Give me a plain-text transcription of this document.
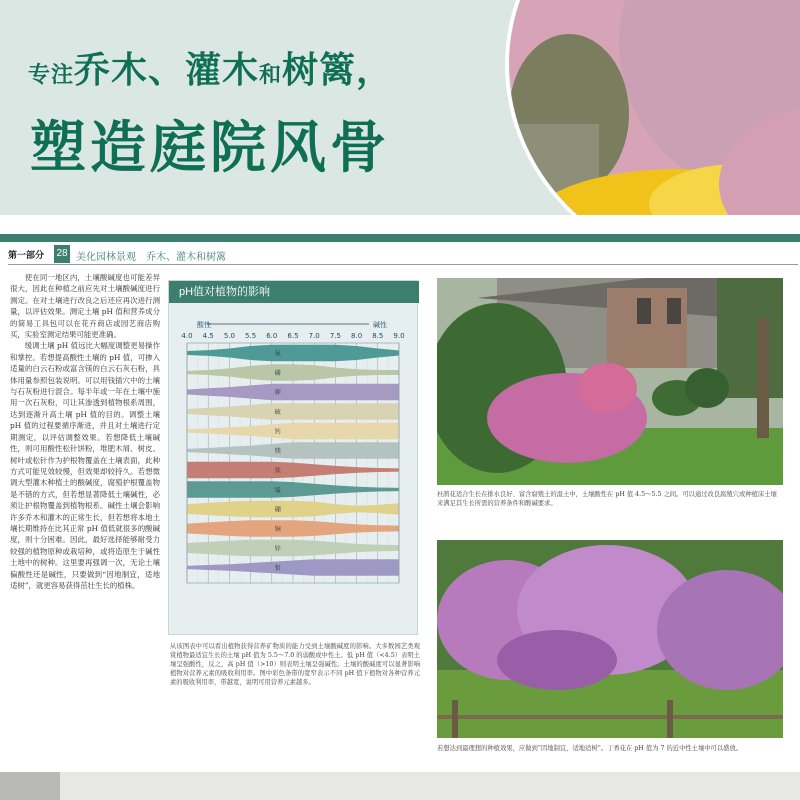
专注乔木、灌木和树篱，
塑造庭院风骨
第一部分 28 美化园林景观　乔木、灌木和树篱

使在同一地区内，土壤酸碱度也可能差异很大，因此在种植之前应先对土壤酸碱度进行测定。在对土壤进行改良之后还应再次进行测量，以评估效果。测定土壤 pH 值和营养成分的简易工具包可以在花卉商店或园艺商店购买，实验室测定结果可能更准确。

缓调土壤 pH 值远比大幅度调整更易操作和掌控。若想提高酸性土壤的 pH 值，可掺入适量的白云石粉或富含镁的白云石灰石粉，具体用量参照包装说明。可以用钱插穴中的土壤与石灰粉进行混合。每半年或一年在土壤中施用一次石灰粉，可让其渗透到植物根系周围，达到逐渐升高土壤 pH 值的目的。调整土壤 pH 值的过程要循序渐进，并且对土壤进行定期测定，以评估调整效果。若想降低土壤碱性，则可用酸性松针饼粉，堆肥木屑、树皮、树叶或松针作为护根物覆盖在土壤表面，此种方式可能见效较慢，但效果却较持久。若想微调大型灌木种植土的酸碱度，腐殖护根覆盖物是不错的方式，但若想显著降低土壤碱性，必须让护根物覆盖到植物根系。碱性土壤会影响许多乔木和灌木的正常生长，但若想将本地土壤长期维持在比其正常 pH 值低就很多的酸碱度，则十分困难。因此，最好选择能够耐受力较强的植物原种或栽培种，或将造原生于碱性土地中的树种。这里要再强调一次，无论土壤偏酸性还是碱性，只要做到“因地制宜，适地适树”，就更容易获得茁壮生长的植株。

pH值对植物的影响
酸性	碱性
4.0 4.5 5.0 5.5 6.0 6.5 7.0 7.5 8.0 8.5 9.0
氮
磷
钾
硫
钙
镁
铁
锰
硼
铜
锌
钼
从该图表中可以看出植物获得营养矿物质的能力受到土壤酸碱度的影响。大多数园艺类观赏植物最适宜生长的土壤 pH 值为 5.5～7.0 的弱酸或中性土。低 pH 值（<4.5）表明土壤呈强酸性，反之，高 pH 值（>10）则表明土壤呈强碱性。土壤的酸碱度可以显著影响植物对营养元素的吸收利用率。图中彩色条带的宽窄表示不同 pH 值下植物对各种营养元素的吸收利用率，带越宽，说明可用营养元素越多。
杜鹃花适合生长在排水良好、富含腐殖土的湿土中，土壤酸性在 pH 值 4.5～5.5 之间。可以通过改良腐殖穴或种植床土壤来满足其生长所需的营养条件和酸碱要求。
若想达到最理想的种植效果，应做到“因地制宜，适地适树”。丁香花在 pH 值为 7 的近中性土壤中可以盛放。
